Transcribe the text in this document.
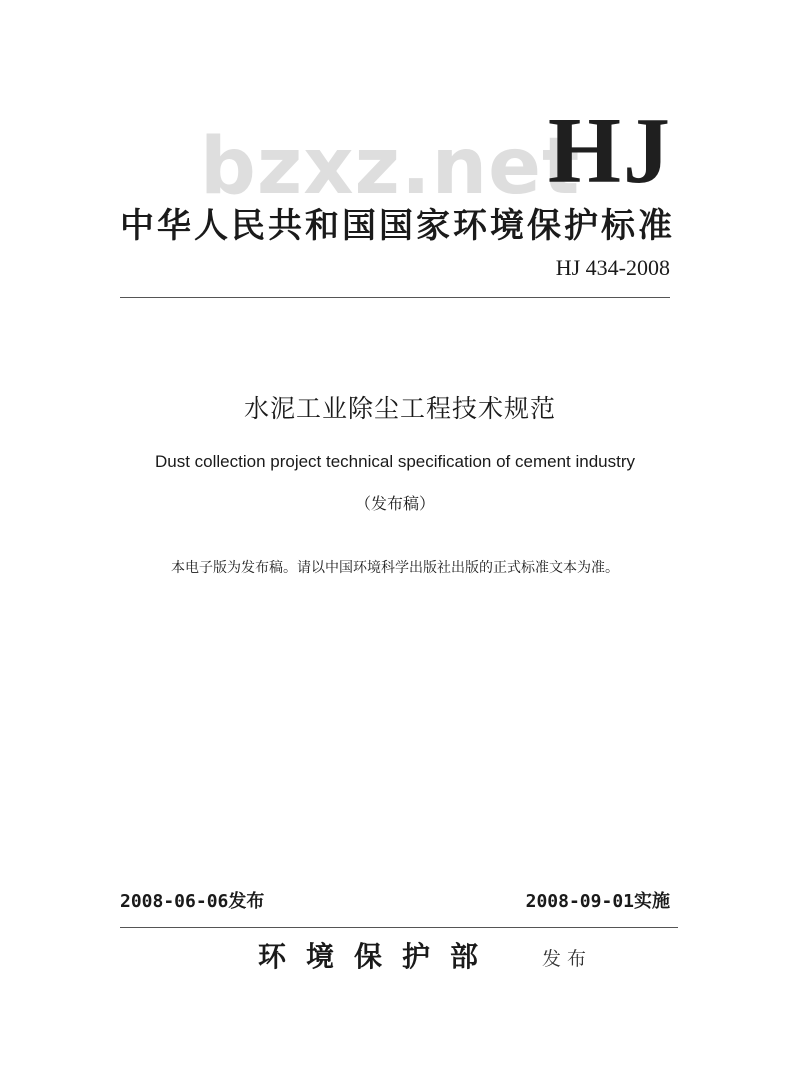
bzxz.net
HJ
中华人民共和国国家环境保护标准
HJ 434-2008
水泥工业除尘工程技术规范
Dust collection project technical specification of cement industry
（发布稿）
本电子版为发布稿。请以中国环境科学出版社出版的正式标准文本为准。
2008-06-06发布	2008-09-01实施
环境保护部 发布
